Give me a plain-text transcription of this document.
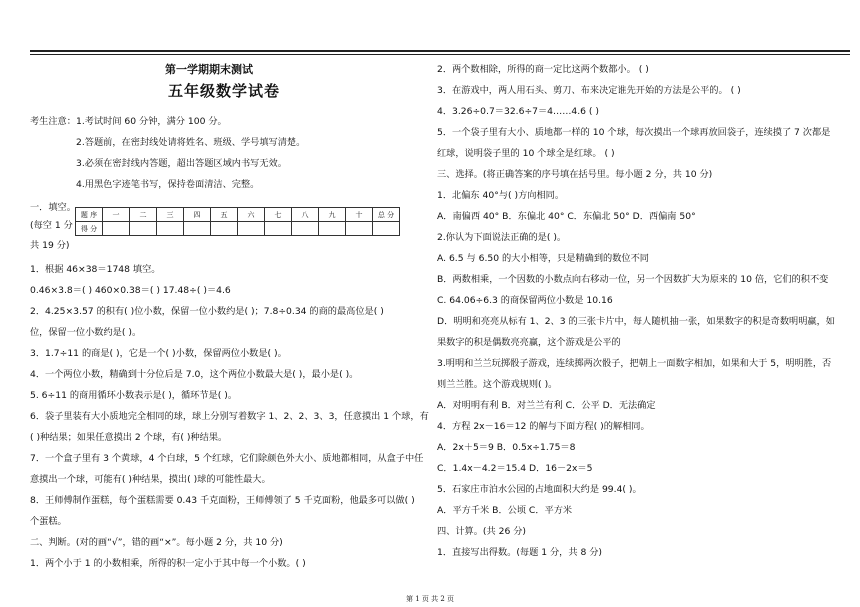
第一学期期末测试
五年级数学试卷
考生注意： 1.考试时间 60 分钟，满分 100 分。
2.答题前，在密封线处请将姓名、班级、学号填写清楚。
3.必须在密封线内答题，超出答题区域内书写无效。
4.用黑色字迹笔书写，保持卷面清洁、完整。
一．填空。
(每空 1 分
共 19 分)
题 序	一	二	三	四	五	六	七	八	九	十	总 分
得 分											
1．根据 46×38＝1748 填空。
0.46×3.8＝( ) 460×0.38＝( ) 17.48÷( )＝4.6
2．4.25×3.57 的积有( )位小数，保留一位小数约是( )；7.8÷0.34 的商的最高位是( )
位，保留一位小数约是( )。
3．1.7÷11 的商是( )，它是一个( )小数，保留两位小数是( )。
4．一个两位小数，精确到十分位后是 7.0，这个两位小数最大是( )，最小是( )。
5. 6÷11 的商用循环小数表示是( )，循环节是( )。
6．袋子里装有大小质地完全相同的球，球上分别写着数字 1、2、2、3、3，任意摸出 1 个球，有
( )种结果；如果任意摸出 2 个球，有( )种结果。
7．一个盒子里有 3 个黄球，4 个白球，5 个红球，它们除颜色外大小、质地都相同，从盒子中任
意摸出一个球，可能有( )种结果，摸出( )球的可能性最大。
8．王师傅制作蛋糕，每个蛋糕需要 0.43 千克面粉，王师傅领了 5 千克面粉，他最多可以做( )
个蛋糕。
二、判断。(对的画“√”，错的画“×”。每小题 2 分，共 10 分)
1．两个小于 1 的小数相乘，所得的积一定小于其中每一个小数。( )
2．两个数相除，所得的商一定比这两个数都小。 ( )
3．在游戏中，两人用石头、剪刀、布来决定谁先开始的方法是公平的。 ( )
4．3.26÷0.7＝32.6÷7＝4……4.6 ( )
5．一个袋子里有大小、质地都一样的 10 个球，每次摸出一个球再放回袋子，连续摸了 7 次都是
红球，说明袋子里的 10 个球全是红球。 ( )
三、选择。(将正确答案的序号填在括号里。每小题 2 分，共 10 分)
1．北偏东 40°与( )方向相同。
A．南偏西 40° B．东偏北 40° C．东偏北 50° D．西偏南 50°
2.你认为下面说法正确的是( )。
A. 6.5 与 6.50 的大小相等，只是精确到的数位不同
B．两数相乘，一个因数的小数点向右移动一位，另一个因数扩大为原来的 10 倍，它们的积不变
C. 64.06÷6.3 的商保留两位小数是 10.16
D．明明和亮亮从标有 1、2、3 的三张卡片中，每人随机抽一张，如果数字的积是奇数明明赢，如
果数字的积是偶数亮亮赢，这个游戏是公平的
3.明明和兰兰玩掷骰子游戏，连续掷两次骰子，把朝上一面数字相加，如果和大于 5，明明胜，否
则兰兰胜。这个游戏规则( )。
A．对明明有利 B．对兰兰有利 C．公平 D．无法确定
4．方程 2x－16＝12 的解与下面方程( )的解相同。
A．2x＋5＝9 B．0.5x÷1.75＝8
C．1.4x－4.2＝15.4 D．16－2x＝5
5．石家庄市泊水公园的占地面积大约是 99.4( )。
A．平方千米 B．公顷 C．平方米
四、计算。(共 26 分)
1．直接写出得数。(每题 1 分，共 8 分)
第 1 页 共 2 页
